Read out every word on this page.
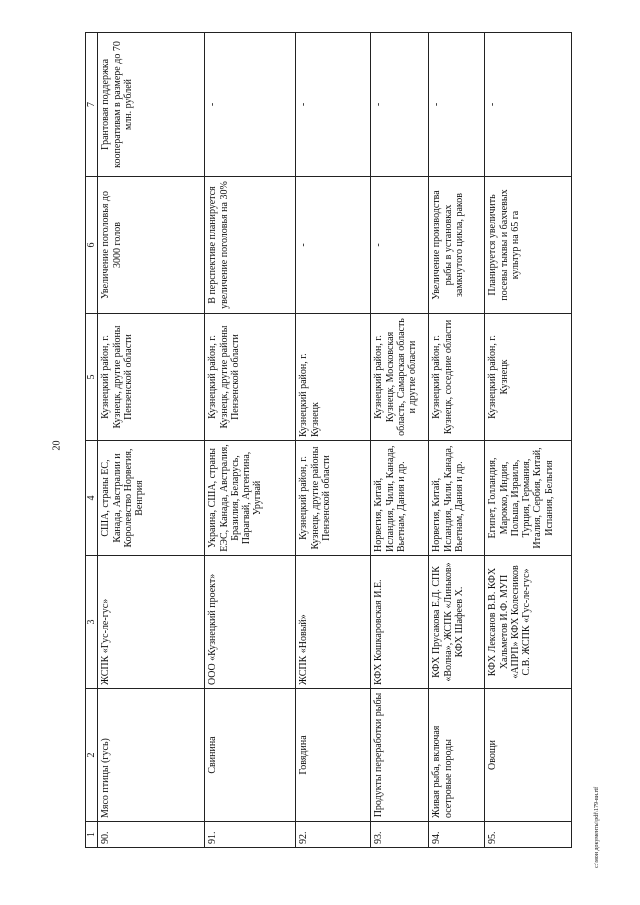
20
1	2	3	4	5	6	7
90.	Мясо птицы (гусь)	ЖСПК «Гус-ле-гус»	США, страны ЕС, Канада, Австралии и Королевство Норвегия, Венгрия	Кузнецкий район, г. Кузнецк, другие районы Пензенской области	Увеличение поголовья до 3000 голов	Грантовая поддержка кооперативам в размере до 70 млн. рублей
91.	Свинина	ООО «Кузнецкий проект»	Украина, США, страны ЕЭС, Канада, Австралия, Бразилия, Беларусь, Парагвай, Аргентина, Уругвай	Кузнецкий район, г. Кузнецк, другие районы Пензенской области	В перспективе планируется увеличение поголовья на 30%	-
92.	Говядина	ЖСПК «Новый»	Кузнецкий район, г. Кузнецк, другие районы Пензенской области	Кузнецкий район, г. Кузнецк	-	-
93.	Продукты переработки рыбы	КФХ Кошкаровская И.Е.	Норвегия, Китай, Исландия, Чили, Канада, Вьетнам, Дания и др.	Кузнецкий район, г. Кузнецк, Московская область, Самарская область и другие области	-	-
94.	Живая рыба, включая осетровые породы	КФХ Прусакова Е.Д. СПК «Волна», ЖСПК «Линьков» КФХ Шафеев Х.	Норвегия, Китай, Исландия, Чили, Канада, Вьетнам, Дания и др.	Кузнецкий район, г. Кузнецк, соседние области	Увеличение производства рыбы в установках замкнутого цикла, раков	-
95.	Овощи	КФХ Лексанов В.В. КФХ Хальметов И.Ф. МУП «АПРП» КФХ Колесников С.В. ЖСПК «Гус-ле-гус»	Египет, Голландия, Марокко, Индия, Польша, Израиль, Турция, Германия, Италия, Сербия, Китай, Испания, Бельгия	Кузнецкий район, г. Кузнецк	Планируется увеличить посевы тыквы и бахчевых культур на 65 га	-
c:\мои документы\pdf\179-ви.rtf
